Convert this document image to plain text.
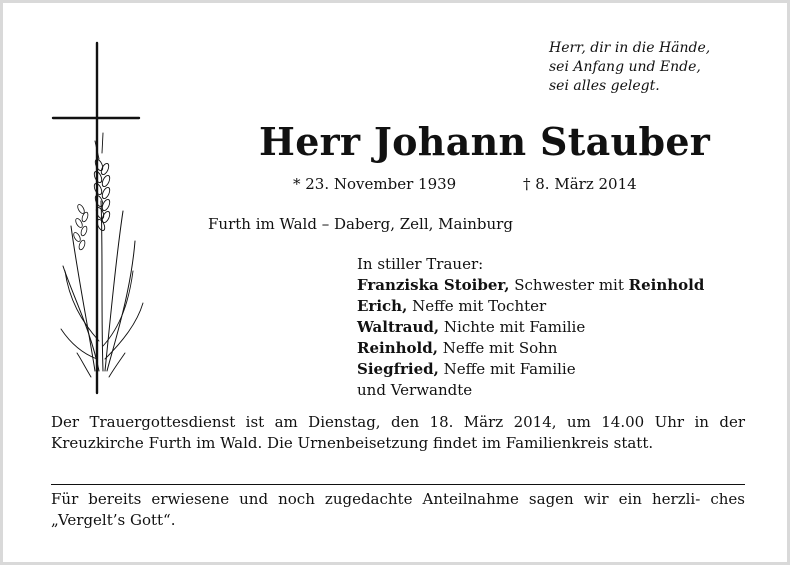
Herr, dir in die Hände,
sei Anfang und Ende,
sei alles gelegt.
Herr Johann Stauber
* 23. November 1939	† 8. März 2014
Furth im Wald – Daberg, Zell, Mainburg
In stiller Trauer:
Franziska Stoiber, Schwester mit Reinhold
Erich, Neffe mit Tochter
Waltraud, Nichte mit Familie
Reinhold, Neffe mit Sohn
Siegfried, Neffe mit Familie
und Verwandte
Der Trauergottesdienst ist am Dienstag, den 18. März 2014, um 14.00 Uhr in der Kreuzkirche Furth im Wald. Die Urnenbeisetzung findet im Familienkreis statt.
Für bereits erwiesene und noch zugedachte Anteilnahme sagen wir ein herzli- ches „Vergelt’s Gott“.
